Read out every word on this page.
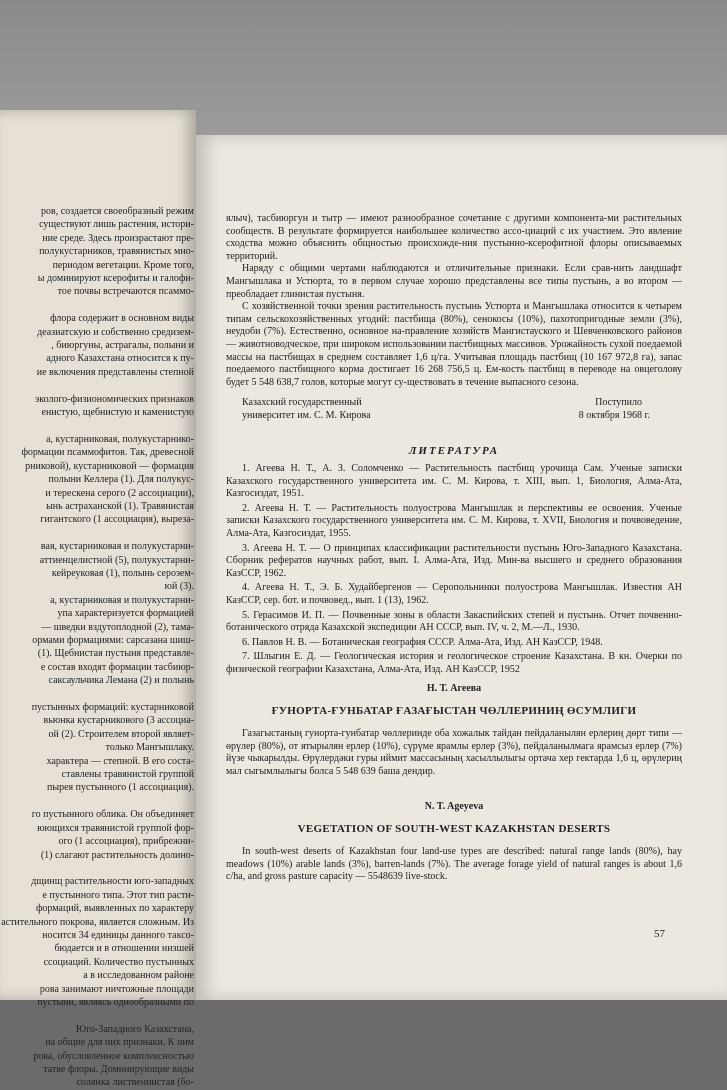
ров, создается своеобразный режим
существуют лишь растения, истори-
ние среде. Здесь произрастают пре-
полукустарников, травянистых мно-
периодом вегетации. Кроме того,
ы доминируют ксерофиты и галофи-
тое почвы встречаются псаммо-

флора содержит в основном виды
деазиатскую и собственно средизем-
, биюргуны, астрагалы, полыни и
адного Казахстана относится к пу-
ие включения представлены степной

эколого-физиономических признаков
енистую, щебнистую и каменистую

а, кустарниковая, полукустарнико-
формации псаммофитов. Так, древесной
рниковой), кустарниковой — формация
полыни Келлера (1). Для полукус-
и терескена серого (2 ассоциации),
ынь астраханской (1). Травянистая
гигантского (1 ассоциация), выреза-

вая, кустарниковая и полукустарни-
аттиенцелистной (5), полукустарни-
кейреуковая (1), полынь серозем-
юй (3).
а, кустарниковая и полукустарни-
упа характеризуется формацией
— шведки вздутоплодной (2), тама-
ормами формациями: сарсазана шиш-
(1). Щебнистая пустыня представле-
е состав входят формации тасбиюр-
саксаульчика Лемана (2) и полынь

пустынных формаций: кустарниковой
вьюнка кустарникового (3 ассоциа-
ой (2). Строителем второй являет-
только Мангышлаку.
характера — степной. В его соста-
ставлены травянистой группой
пырея пустынного (1 ассоциация).

го пустынного облика. Он объединяет
юющихся травянистой группой фор-
ого (1 ассоциация), прибрежни-
(1) слагают растительность долино-

дщинщ растительности юго-западных
е пустынного типа. Этот тип расти-
формаций, выявленных по характеру
астительного покрова, является сложным. Из
носится 34 единицы данного таксо-
бюдается и в отношении низшей
ссоциаций. Количество пустынных
а в исследованном районе
рова занимают ничтожные площади
пустыни, являясь однообразными по

Юго-Западного Казахстана,
на общие для них признаки. К ним
рова, обусловленное комплексностью
татве флоры. Доминирующие виды
солянка лиственнистая (бо-

ялыч), тасбиюргун и тытр — имеют разнообразное сочетание с другими компонента-ми растительных сообществ. В результате формируется наибольшее количество ассо-циаций с их участием. Это явление сходства можно объяснить общностью происхожде-ния пустынно-ксерофитной флоры описываемых территорий.

Наряду с общими чертами наблюдаются и отличительные признаки. Если срав-нить ландшафт Мангышлака и Устюрта, то в первом случае хорошо представлены все типы пустынь, а во втором — преобладает глинистая пустыня.

С хозяйственной точки зрения растительность пустынь Устюрта и Мангышлака относится к четырем типам сельскохозяйственных угодий: пастбища (80%), сенокосы (10%), пахотопригодные земли (3%), неудоби (7%). Естественно, основное на-правление хозяйств Мангистауского и Шевченковского районов — животноводческое, при широком использовании пастбищных массивов. Урожайность сухой поедаемой массы на пастбищах в среднем составляет 1,6 ц/га. Учитывая площадь пастбищ (10 167 972,8 га), запас поедаемого пастбищного корма достигает 16 268 756,5 ц. Ем-кость пастбищ в переводе на овцеголову будет 5 548 638,7 голов, которые могут су-ществовать в течение выпасного сезона.

Казахский государственный	Поступило
университет им. С. М. Кирова	8 октября 1968 г.
ЛИТЕРАТУРА

1. Агеева Н. Т., А. З. Соломченко — Растительность пастбищ урочища Сам. Ученые записки Казахского государственного университета им. С. М. Кирова, т. XIII, вып. 1, Биология, Алма-Ата, Казгосиздат, 1951.

2. Агеева Н. Т. — Растительность полуострова Мангышлак и перспективы ее освоения. Ученые записки Казахского государственного университета им. С. М. Кирова, т. XVII, Биология и почвоведение, Алма-Ата, Казгосиздат, 1955.

3. Агеева Н. Т. — О принципах классификации растительности пустынь Юго-Западного Казахстана. Сборник рефератов научных работ, вып. I. Алма-Ата, Изд. Мин-ва высшего и среднего образования КазССР, 1962.

4. Агеева Н. Т., Э. Б. Худайбергенов — Серопольнинки полуострова Мангышлак. Известия АН КазССР, сер. бот. и почвовед., вып. 1 (13), 1962.

5. Герасимов И. П. — Почвенные зоны в области Закаспийских степей и пустынь. Отчет почвенно-ботанического отряда Казахской экспедиции АН СССР, вып. IV, ч. 2, М.—Л., 1930.

6. Павлов Н. В. — Ботаническая география СССР. Алма-Ата, Изд. АН КазССР, 1948.

7. Шлыгин Е. Д. — Геологическая история и геологическое строение Казахстана. В кн. Очерки по физической географии Казахстана, Алма-Ата, Изд. АН КазССР, 1952

Н. Т. Агеева
ҒУНОРТА-ҒУНБАТАР ҒАЗАҒЫСТАН ЧӨЛЛЕРИНИҢ ӨСУМЛИГИ

Газагыстаның гунорта-гунбатар чөллеринде оба хожалык тайдан пейдаланылян ерлериң дөрт типи — өрүлер (80%), от ятырылян ерлер (10%), сүрүме ярамлы ерлер (3%), пейдаланылмага ярамсыз ерлер (7%) йүзе чыкарылды. Өрүлердәки гуры иймит массасының хасыллылыгы ортача хер гектарда 1,6 ц, өрүлериң мал сыгымлылыгы болса 5 548 639 баша дендир.

N. T. Ageyeva
VEGETATION OF SOUTH-WEST KAZAKHSTAN DESERTS

In south-west deserts of Kazakhstan four land-use types are described: natural range lands (80%), hay meadows (10%) arable lands (3%), barren-lands (7%). The average forage yield of natural ranges is about 1,6 c/ha, and gross pasture capacity — 5548639 live-stock.

57
